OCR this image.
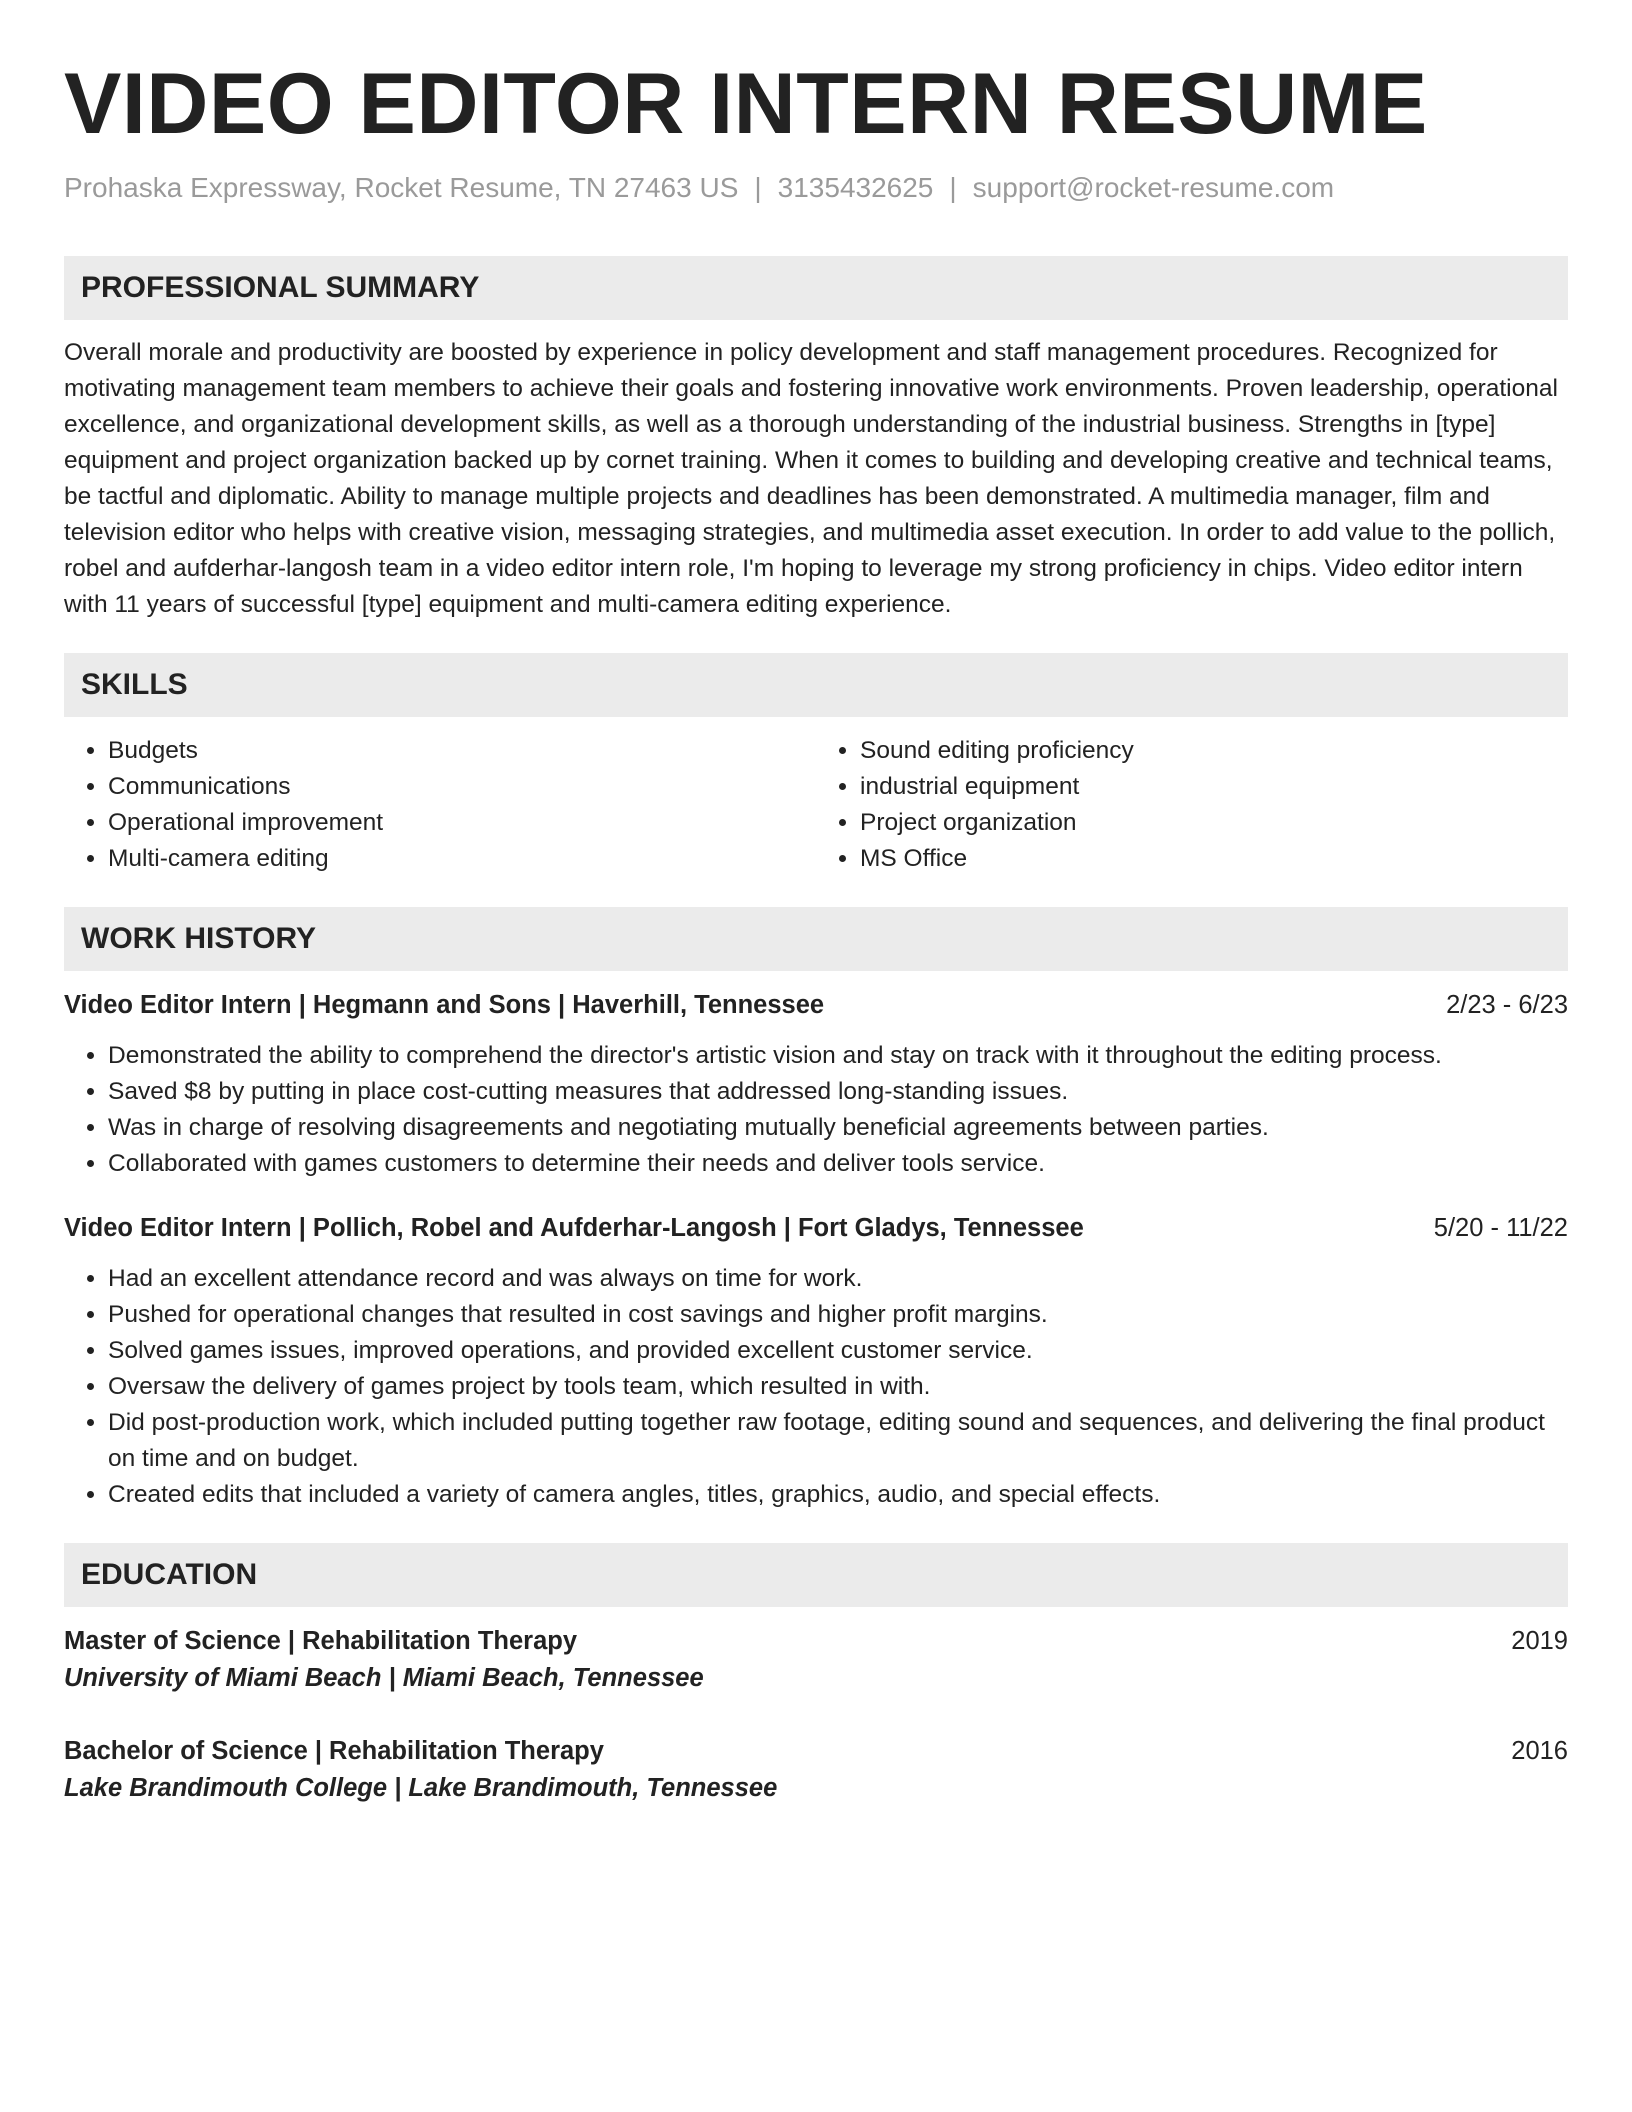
VIDEO EDITOR INTERN RESUME
Prohaska Expressway, Rocket Resume, TN 27463 US | 3135432625 | support@rocket-resume.com
PROFESSIONAL SUMMARY

Overall morale and productivity are boosted by experience in policy development and staff management procedures. Recognized for motivating management team members to achieve their goals and fostering innovative work environments. Proven leadership, operational excellence, and organizational development skills, as well as a thorough understanding of the industrial business. Strengths in [type] equipment and project organization backed up by cornet training. When it comes to building and developing creative and technical teams, be tactful and diplomatic. Ability to manage multiple projects and deadlines has been demonstrated. A multimedia manager, film and television editor who helps with creative vision, messaging strategies, and multimedia asset execution. In order to add value to the pollich, robel and aufderhar-langosh team in a video editor intern role, I'm hoping to leverage my strong proficiency in chips. Video editor intern with 11 years of successful [type] equipment and multi-camera editing experience.

SKILLS
• Budgets
• Communications
• Operational improvement
• Multi-camera editing
• Sound editing proficiency
• industrial equipment
• Project organization
• MS Office
WORK HISTORY
Video Editor Intern | Hegmann and Sons | Haverhill, Tennessee	2/23 - 6/23
• Demonstrated the ability to comprehend the director's artistic vision and stay on track with it throughout the editing process.
• Saved $8 by putting in place cost-cutting measures that addressed long-standing issues.
• Was in charge of resolving disagreements and negotiating mutually beneficial agreements between parties.
• Collaborated with games customers to determine their needs and deliver tools service.
Video Editor Intern | Pollich, Robel and Aufderhar-Langosh | Fort Gladys, Tennessee	5/20 - 11/22
• Had an excellent attendance record and was always on time for work.
• Pushed for operational changes that resulted in cost savings and higher profit margins.
• Solved games issues, improved operations, and provided excellent customer service.
• Oversaw the delivery of games project by tools team, which resulted in with.
• Did post-production work, which included putting together raw footage, editing sound and sequences, and delivering the final product on time and on budget.
• Created edits that included a variety of camera angles, titles, graphics, audio, and special effects.
EDUCATION
Master of Science | Rehabilitation Therapy	2019
University of Miami Beach | Miami Beach, Tennessee
Bachelor of Science | Rehabilitation Therapy	2016
Lake Brandimouth College | Lake Brandimouth, Tennessee
